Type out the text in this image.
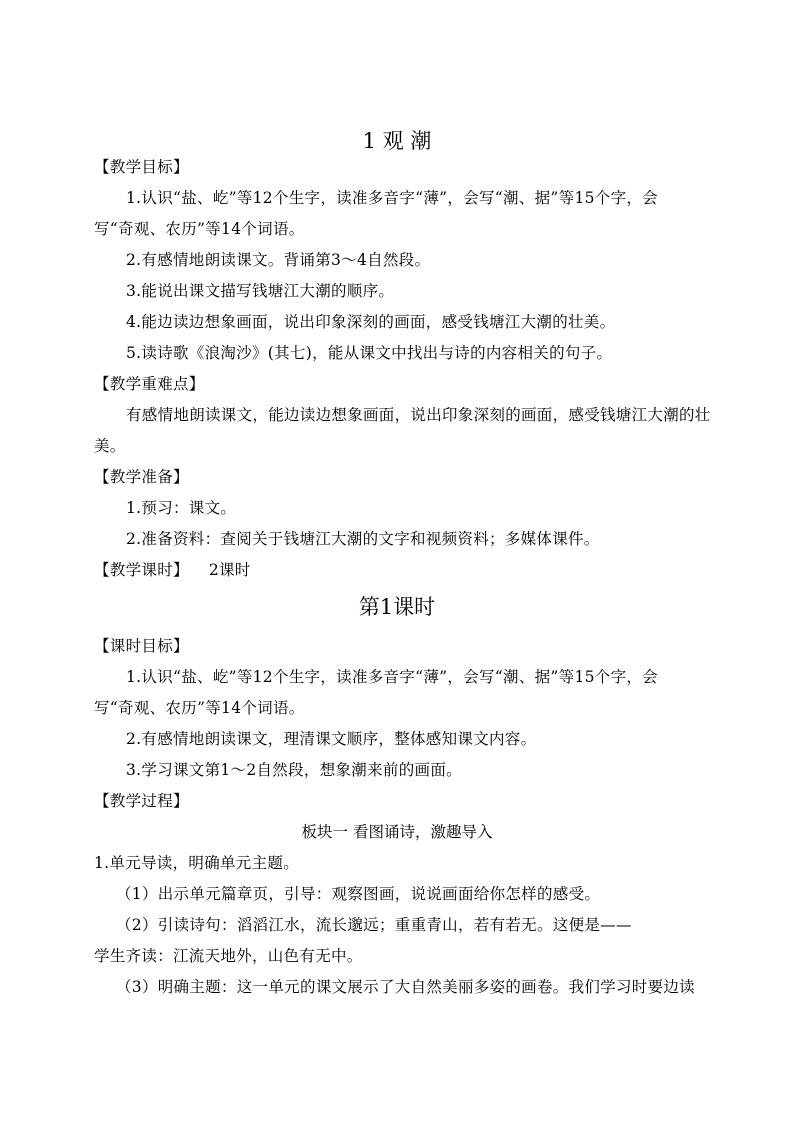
1 观 潮
【教学目标】
1.认识“盐、屹”等12个生字，读准多音字“薄”，会写“潮、据”等15个字，会
写“奇观、农历”等14个词语。
2.有感情地朗读课文。背诵第3～4自然段。
3.能说出课文描写钱塘江大潮的顺序。
4.能边读边想象画面，说出印象深刻的画面，感受钱塘江大潮的壮美。
5.读诗歌《浪淘沙》(其七)，能从课文中找出与诗的内容相关的句子。
【教学重难点】
有感情地朗读课文，能边读边想象画面，说出印象深刻的画面，感受钱塘江大潮的壮
美。
【教学准备】
1.预习：课文。
2.准备资料：查阅关于钱塘江大潮的文字和视频资料；多媒体课件。
【教学课时】 2课时
第1课时
【课时目标】
1.认识“盐、屹”等12个生字，读准多音字“薄”，会写“潮、据”等15个字，会
写“奇观、农历”等14个词语。
2.有感情地朗读课文，理清课文顺序，整体感知课文内容。
3.学习课文第1～2自然段，想象潮来前的画面。
【教学过程】
板块一 看图诵诗，激趣导入
1.单元导读，明确单元主题。
（1）出示单元篇章页，引导：观察图画，说说画面给你怎样的感受。
（2）引读诗句：滔滔江水，流长邈远；重重青山，若有若无。这便是——
学生齐读：江流天地外，山色有无中。
（3）明确主题：这一单元的课文展示了大自然美丽多姿的画卷。我们学习时要边读
